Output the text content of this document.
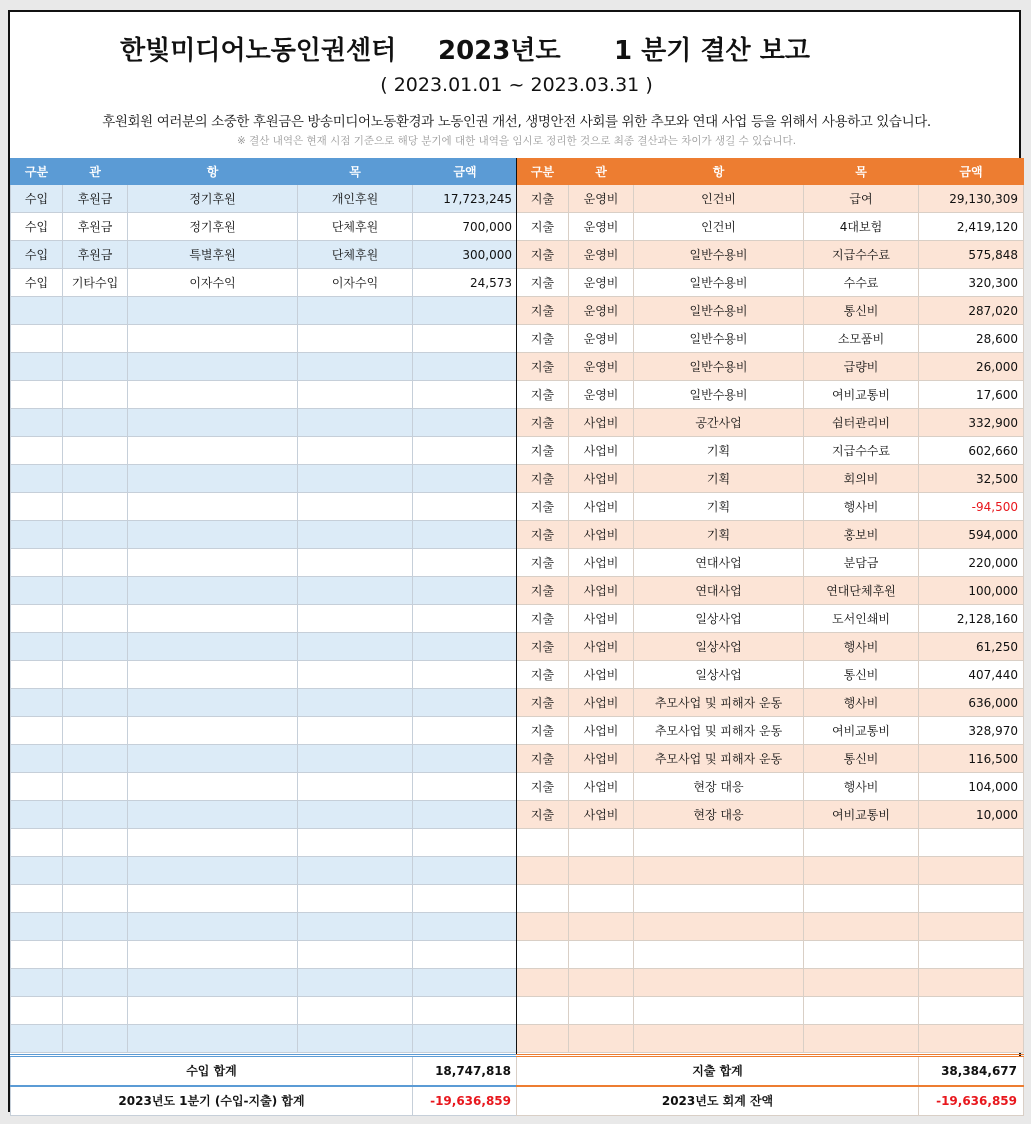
한빛미디어노동인권센터 2023년도 1 분기 결산 보고
( 2023.01.01 ~ 2023.03.31 )
후원회원 여러분의 소중한 후원금은 방송미디어노동환경과 노동인권 개선, 생명안전 사회를 위한 추모와 연대 사업 등을 위해서 사용하고 있습니다.
※ 결산 내역은 현재 시점 기준으로 해당 분기에 대한 내역을 임시로 정리한 것으로 최종 결산과는 차이가 생길 수 있습니다.
구분	관	항	목	금액
수입	후원금	정기후원	개인후원	17,723,245
수입	후원금	정기후원	단체후원	700,000
수입	후원금	특별후원	단체후원	300,000
수입	기타수입	이자수익	이자수익	24,573

구분	관	항	목	금액
지출	운영비	인건비	급여	29,130,309
지출	운영비	인건비	4대보험	2,419,120
지출	운영비	일반수용비	지급수수료	575,848
지출	운영비	일반수용비	수수료	320,300
지출	운영비	일반수용비	통신비	287,020
지출	운영비	일반수용비	소모품비	28,600
지출	운영비	일반수용비	급량비	26,000
지출	운영비	일반수용비	여비교통비	17,600
지출	사업비	공간사업	쉼터관리비	332,900
지출	사업비	기획	지급수수료	602,660
지출	사업비	기획	회의비	32,500
지출	사업비	기획	행사비	-94,500
지출	사업비	기획	홍보비	594,000
지출	사업비	연대사업	분담금	220,000
지출	사업비	연대사업	연대단체후원	100,000
지출	사업비	일상사업	도서인쇄비	2,128,160
지출	사업비	일상사업	행사비	61,250
지출	사업비	일상사업	통신비	407,440
지출	사업비	추모사업 및 피해자 운동	행사비	636,000
지출	사업비	추모사업 및 피해자 운동	여비교통비	328,970
지출	사업비	추모사업 및 피해자 운동	통신비	116,500
지출	사업비	현장 대응	행사비	104,000
지출	사업비	현장 대응	여비교통비	10,000

수입 합계	18,747,818
2023년도 1분기 (수입-지출) 합계	-19,636,859
지출 합계	38,384,677
2023년도 회계 잔액	-19,636,859
